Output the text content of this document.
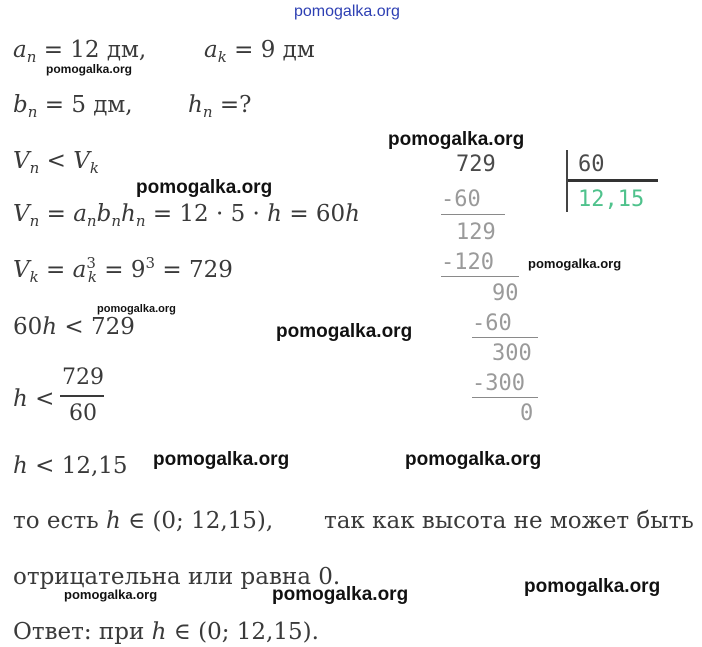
pomogalka.org
pomogalka.org
pomogalka.org
pomogalka.org
pomogalka.org
pomogalka.org
pomogalka.org
pomogalka.org	pomogalka.org
pomogalka.org
pomogalka.org	pomogalka.org
$a_n = 12$ дм,	$a_k = 9$ дм
$b_n = 5$ дм, $h_n$ =?
$V_n < V_k$
$V_n = a_nb_nh_n = 12 \cdot 5 \cdot h = 60h$
$V_k = a^3_k = 9^3 = 729$
60h < 729
h <
729
60
h < 12,15
то есть h ∈ (0; 12,15), так как высота не может быть
отрицательна или равна 0.
Ответ: при h ∈ (0; 12,15).
729	60
12,15
-60
129
-120
90
-60
300
-300
0
